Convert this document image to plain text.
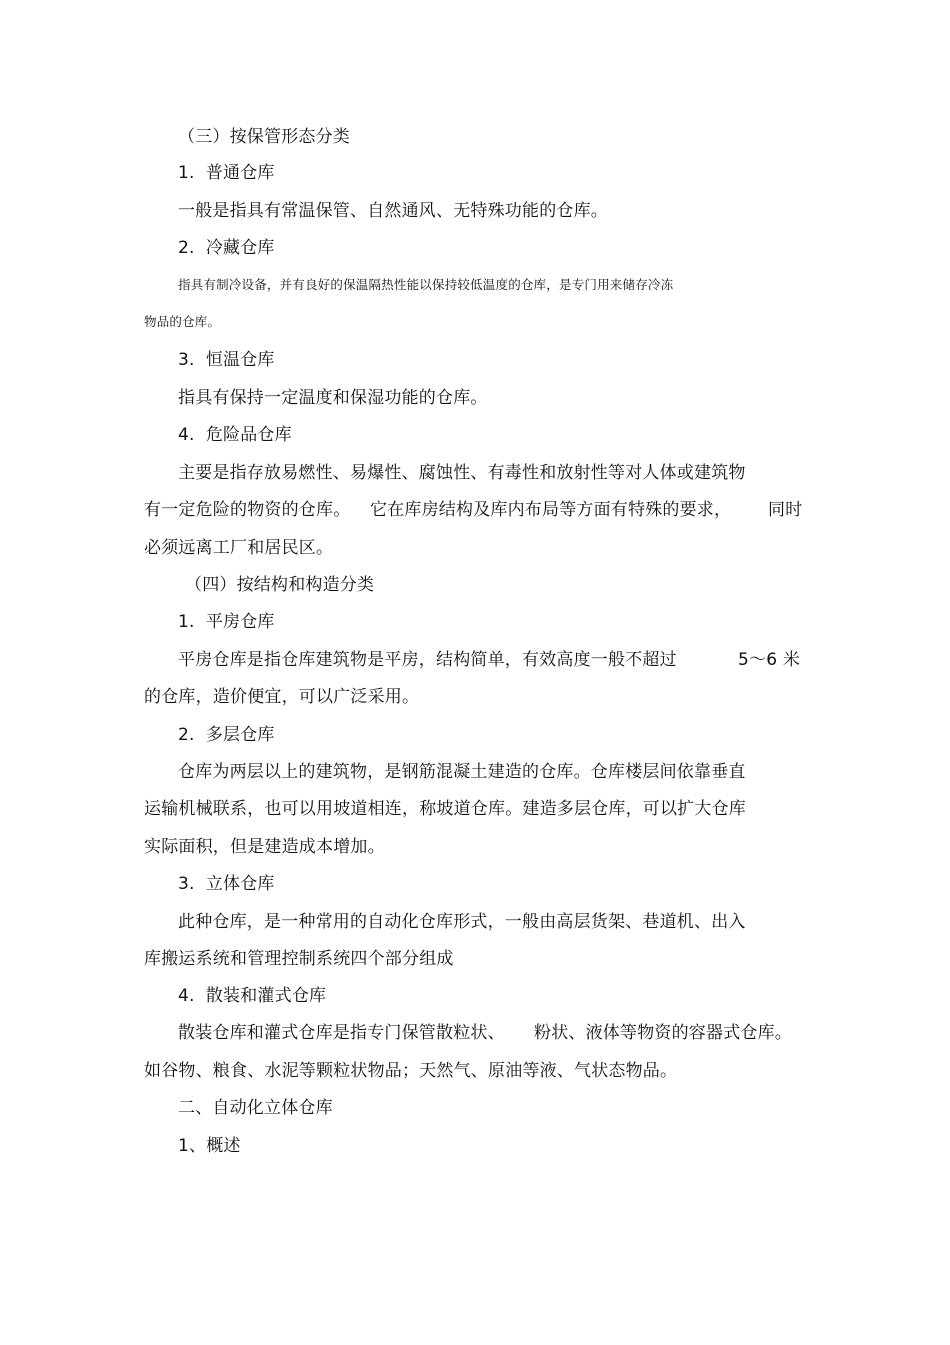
（三）按保管形态分类
1.  普通仓库
一般是指具有常温保管、自然通风、无特殊功能的仓库。
2.  冷藏仓库
指具有制冷设备，并有良好的保温隔热性能以保持较低温度的仓库，是专门用来储存冷冻
物品的仓库。
3.  恒温仓库
指具有保持一定温度和保湿功能的仓库。
4.  危险品仓库
主要是指存放易燃性、易爆性、腐蚀性、有毒性和放射性等对人体或建筑物

有一定危险的物资的仓库。

它在库房结构及库内布局等方面有特殊的要求，

同时

必须远离工厂和居民区。
（四）按结构和构造分类
1.  平房仓库

平房仓库是指仓库建筑物是平房，结构简单，有效高度一般不超过

	5～6 米

的仓库，造价便宜，可以广泛采用。
2.  多层仓库
仓库为两层以上的建筑物，是钢筋混凝土建造的仓库。仓库楼层间依靠垂直
运输机械联系，也可以用坡道相连，称坡道仓库。建造多层仓库，可以扩大仓库
实际面积，但是建造成本增加。
3.  立体仓库
此种仓库，是一种常用的自动化仓库形式，一般由高层货架、巷道机、出入
库搬运系统和管理控制系统四个部分组成
4.  散装和灌式仓库

散装仓库和灌式仓库是指专门保管散粒状、

粉状、液体等物资的容器式仓库。

如谷物、粮食、水泥等颗粒状物品；天然气、原油等液、气状态物品。
二、自动化立体仓库
1、概述
